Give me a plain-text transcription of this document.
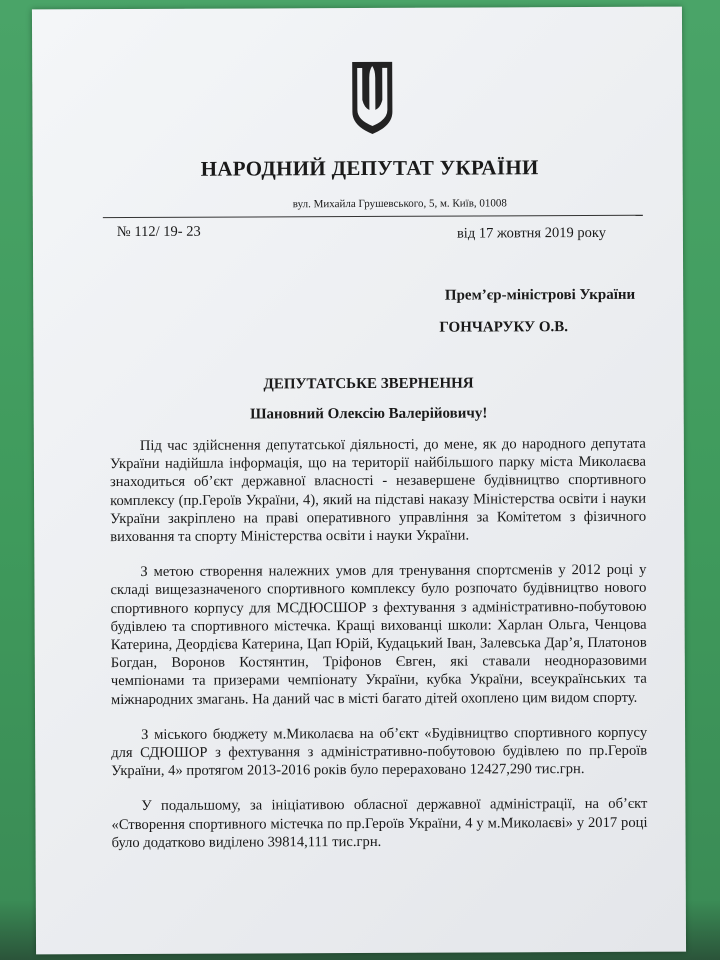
НАРОДНИЙ ДЕПУТАТ УКРАЇНИ
вул. Михайла Грушевського, 5, м. Київ, 01008
№ 112/ 19- 23	від 17 жовтня 2019 року
Прем’єр-міністрові України
ГОНЧАРУКУ О.В.
ДЕПУТАТСЬКЕ ЗВЕРНЕННЯ
Шановний Олексію Валерійовичу!

Під час здійснення депутатської діяльності, до мене, як до народного депутата України надійшла інформація, що на території найбільшого парку міста Миколаєва знаходиться об’єкт державної власності - незавершене будівництво спортивного комплексу (пр.Героїв України, 4), який на підставі наказу Міністерства освіти і науки України закріплено на праві оперативного управління за Комітетом з фізичного виховання та спорту Міністерства освіти і науки України.

З метою створення належних умов для тренування спортсменів у 2012 році у складі вищезазначеного спортивного комплексу було розпочато будівництво нового спортивного корпусу для МСДЮСШОР з фехтування з адміністративно-побутовою будівлею та спортивного містечка. Кращі вихованці школи: Харлан Ольга, Ченцова Катерина, Деордієва Катерина, Цап Юрій, Кудацький Іван, Залевська Дар’я, Платонов Богдан, Воронов Костянтин, Тріфонов Євген, які ставали неодноразовими чемпіонами та призерами чемпіонату України, кубка України, всеукраїнських та міжнародних змагань. На даний час в місті багато дітей охоплено цим видом спорту.

З міського бюджету м.Миколаєва на об’єкт «Будівництво спортивного корпусу для СДЮШОР з фехтування з адміністративно-побутовою будівлею по пр.Героїв України, 4» протягом 2013-2016 років було перераховано 12427,290 тис.грн.

У подальшому, за ініціативою обласної державної адміністрації, на об’єкт «Створення спортивного містечка по пр.Героїв України, 4 у м.Миколаєві» у 2017 році було додатково виділено 39814,111 тис.грн.
